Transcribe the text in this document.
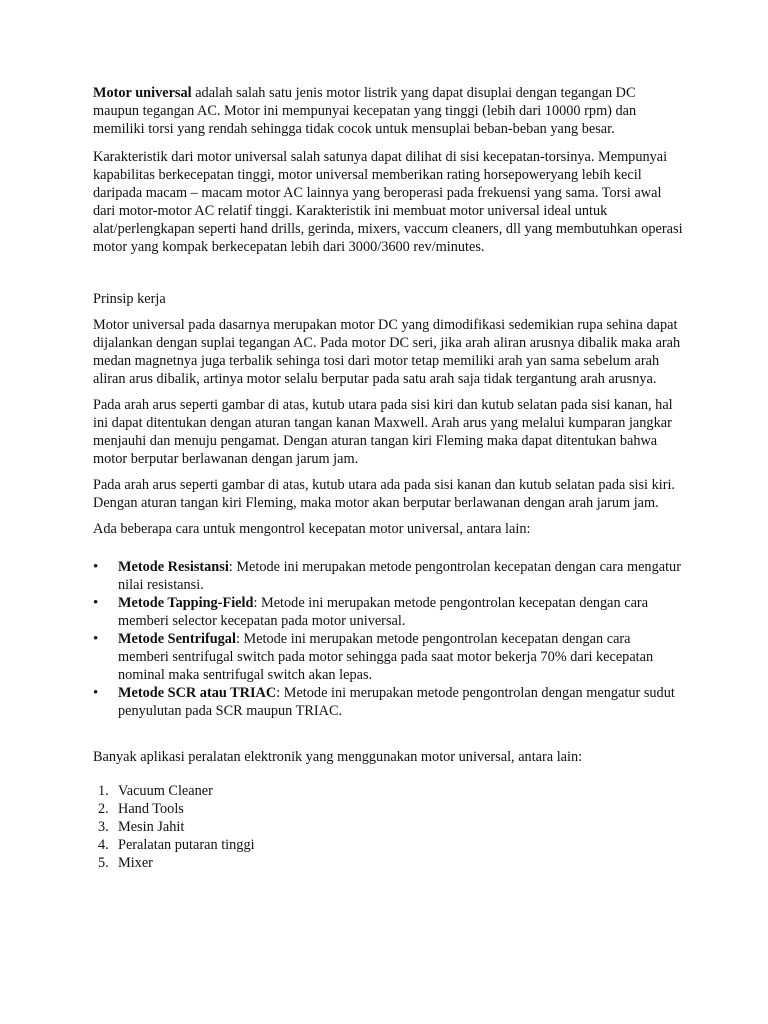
Motor universal adalah salah satu jenis motor listrik yang dapat disuplai dengan tegangan DC maupun tegangan AC. Motor ini mempunyai kecepatan yang tinggi (lebih dari 10000 rpm) dan memiliki torsi yang rendah sehingga tidak cocok untuk mensuplai beban-beban yang besar.

Karakteristik dari motor universal salah satunya dapat dilihat di sisi kecepatan-torsinya. Mempunyai kapabilitas berkecepatan tinggi, motor universal memberikan rating horsepoweryang lebih kecil daripada macam – macam motor AC lainnya yang beroperasi pada frekuensi yang sama. Torsi awal dari motor-motor AC relatif tinggi. Karakteristik ini membuat motor universal ideal untuk alat/perlengkapan seperti hand drills, gerinda, mixers, vaccum cleaners, dll yang membutuhkan operasi motor yang kompak berkecepatan lebih dari 3000/3600 rev/minutes.

Prinsip kerja

Motor universal pada dasarnya merupakan motor DC yang dimodifikasi sedemikian rupa sehina dapat dijalankan dengan suplai tegangan AC. Pada motor DC seri, jika arah aliran arusnya dibalik maka arah medan magnetnya juga terbalik sehinga tosi dari motor tetap memiliki arah yan sama sebelum arah aliran arus dibalik, artinya motor selalu berputar pada satu arah saja tidak tergantung arah arusnya.

Pada arah arus seperti gambar di atas, kutub utara pada sisi kiri dan kutub selatan pada sisi kanan, hal ini dapat ditentukan dengan aturan tangan kanan Maxwell. Arah arus yang melalui kumparan jangkar menjauhi dan menuju pengamat. Dengan aturan tangan kiri Fleming maka dapat ditentukan bahwa motor berputar berlawanan dengan jarum jam.

Pada arah arus seperti gambar di atas, kutub utara ada pada sisi kanan dan kutub selatan pada sisi kiri. Dengan aturan tangan kiri Fleming, maka motor akan berputar berlawanan dengan arah jarum jam.

Ada beberapa cara untuk mengontrol kecepatan motor universal, antara lain:

• Metode Resistansi: Metode ini merupakan metode pengontrolan kecepatan dengan cara mengatur nilai resistansi.
• Metode Tapping-Field: Metode ini merupakan metode pengontrolan kecepatan dengan cara memberi selector kecepatan pada motor universal.
• Metode Sentrifugal: Metode ini merupakan metode pengontrolan kecepatan dengan cara memberi sentrifugal switch pada motor sehingga pada saat motor bekerja 70% dari kecepatan nominal maka sentrifugal switch akan lepas.
• Metode SCR atau TRIAC: Metode ini merupakan metode pengontrolan dengan mengatur sudut penyulutan pada SCR maupun TRIAC.

Banyak aplikasi peralatan elektronik yang menggunakan motor universal, antara lain:

1. Vacuum Cleaner
2. Hand Tools
3. Mesin Jahit
4. Peralatan putaran tinggi
5. Mixer
